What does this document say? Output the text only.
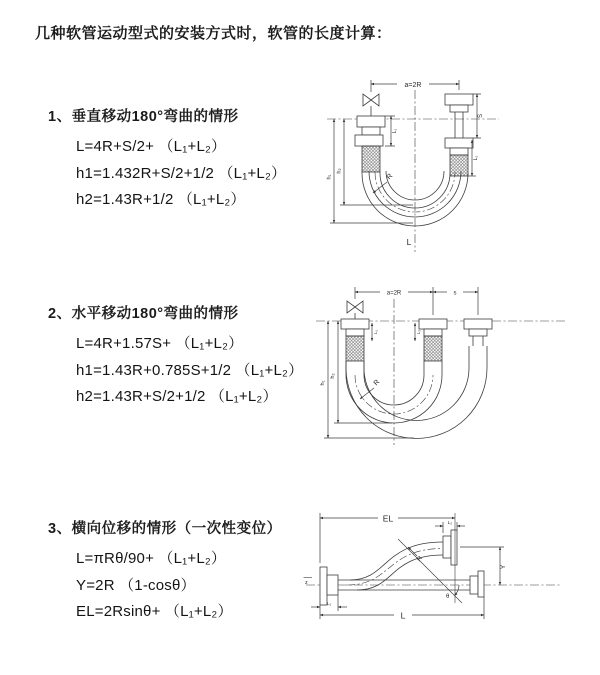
几种软管运动型式的安装方式时，软管的长度计算：
1、垂直移动180°弯曲的情形
L=4R+S/2+ （L₁+L₂）
h1=1.432R+S/2+1/2 （L₁+L₂）
h2=1.43R+1/2 （L₁+L₂）
2、水平移动180°弯曲的情形
L=4R+1.57S+ （L₁+L₂）
h1=1.43R+0.785S+1/2 （L₁+L₂）
h2=1.43R+S/2+1/2 （L₁+L₂）
3、横向位移的情形（一次性变位）
L=πRθ/90+ （L₁+L₂）
Y=2R （1-cosθ）
EL=2Rsinθ+ （L₁+L₂）
a=2R
h₁
h₂
L₁
S
L₂
R
L
a=2R	s
h₁
h₂
L₁	L₂
R
z
EL	L₂
Y
L
L₁
R
θ
